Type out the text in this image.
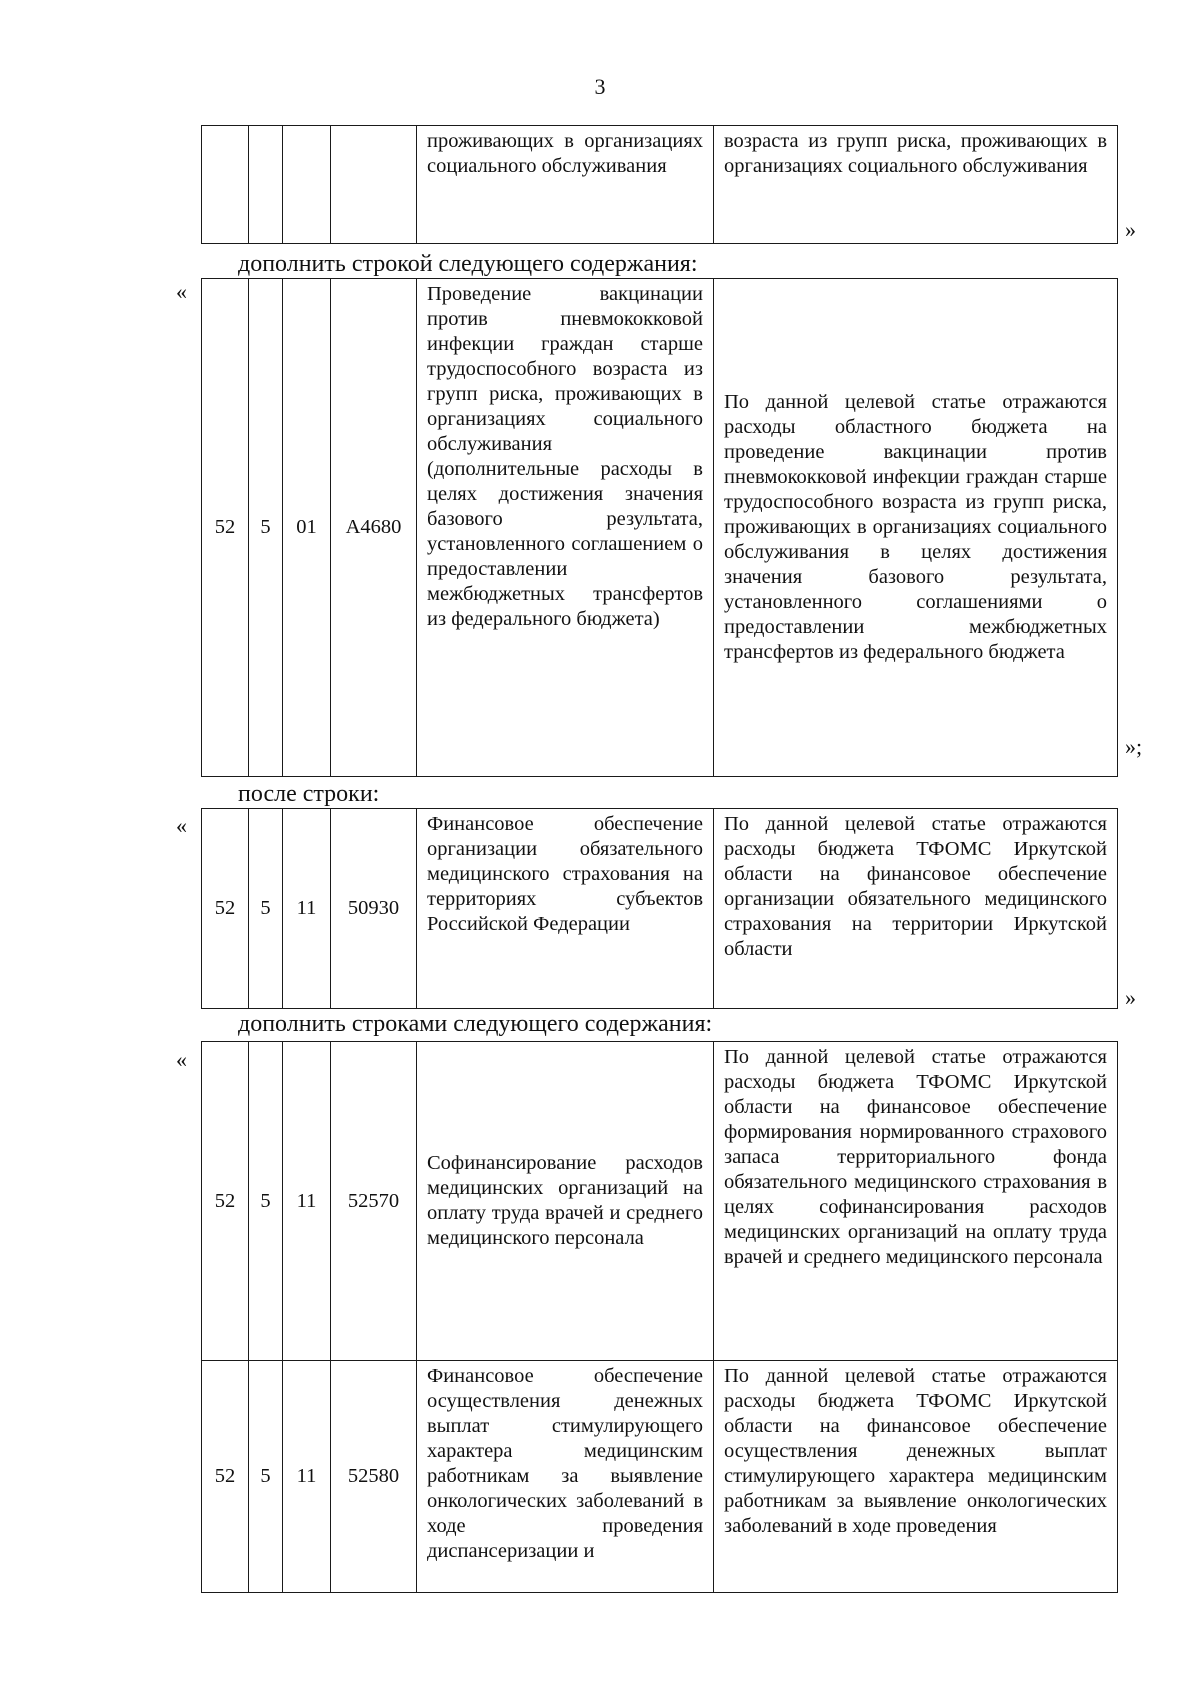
3
				проживающих в организациях социального обслуживания	возраста из групп риска, проживающих в организациях социального обслуживания
»
дополнить строкой следующего содержания:
«
52	5	01	А4680	Проведение вакцинации против пневмококковой инфекции граждан старше трудоспособного возраста из групп риска, проживающих в организациях социального обслуживания (дополнительные расходы в целях достижения значения базового результата, установленного соглашением о предоставлении межбюджетных трансфертов из федерального бюджета)	По данной целевой статье отражаются расходы областного бюджета на проведение вакцинации против пневмококковой инфекции граждан старше трудоспособного возраста из групп риска, проживающих в организациях социального обслуживания в целях достижения значения базового результата, установленного соглашениями о предоставлении межбюджетных трансфертов из федерального бюджета
»;
после строки:
«
52	5	11	50930	Финансовое обеспечение организации обязательного медицинского страхования на территориях субъектов Российской Федерации	По данной целевой статье отражаются расходы бюджета ТФОМС Иркутской области на финансовое обеспечение организации обязательного медицинского страхования на территории Иркутской области
»
дополнить строками следующего содержания:
«
52	5	11	52570	Софинансирование расходов медицинских организаций на оплату труда врачей и среднего медицинского персонала	По данной целевой статье отражаются расходы бюджета ТФОМС Иркутской области на финансовое обеспечение формирования нормированного страхового запаса территориального фонда обязательного медицинского страхования в целях софинансирования расходов медицинских организаций на оплату труда врачей и среднего медицинского персонала
52	5	11	52580	Финансовое обеспечение осуществления денежных выплат стимулирующего характера медицинским работникам за выявление онкологических заболеваний в ходе проведения диспансеризации и	По данной целевой статье отражаются расходы бюджета ТФОМС Иркутской области на финансовое обеспечение осуществления денежных выплат стимулирующего характера медицинским работникам за выявление онкологических заболеваний в ходе проведения
